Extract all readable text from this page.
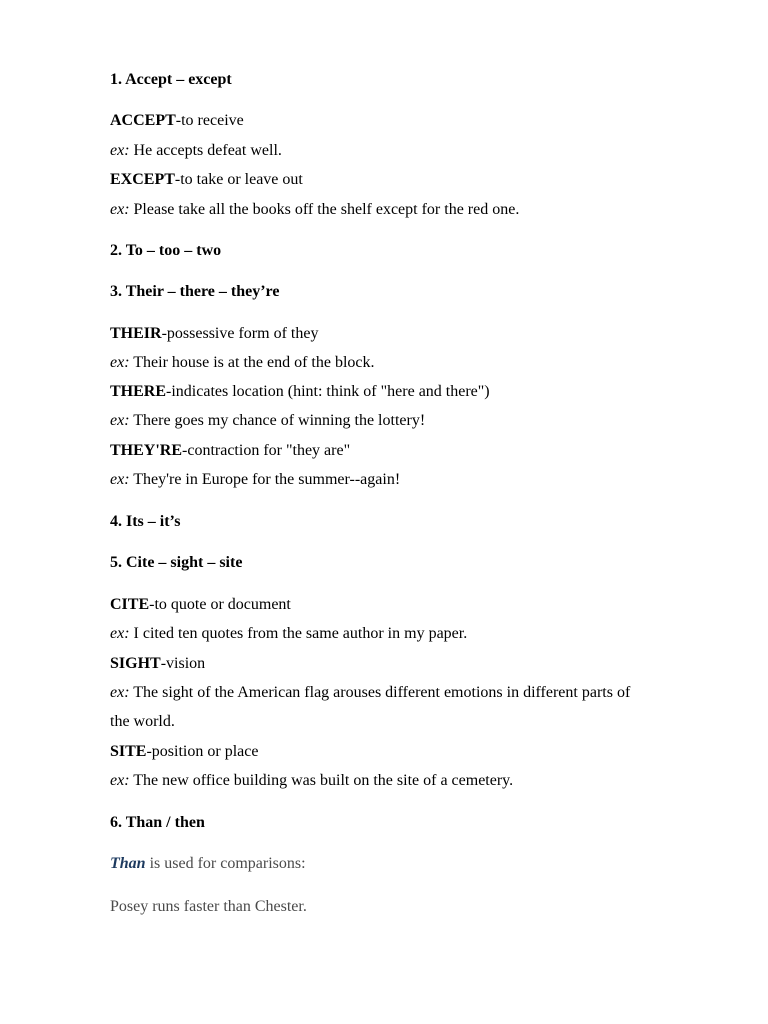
1. Accept – except
ACCEPT-to receive
ex: He accepts defeat well.
EXCEPT-to take or leave out
ex: Please take all the books off the shelf except for the red one.
2. To – too – two
3. Their – there – they’re
THEIR-possessive form of they
ex: Their house is at the end of the block.
THERE-indicates location (hint: think of "here and there")
ex: There goes my chance of winning the lottery!
THEY'RE-contraction for "they are"
ex: They're in Europe for the summer--again!
4. Its – it’s
5. Cite – sight – site
CITE-to quote or document
ex: I cited ten quotes from the same author in my paper.
SIGHT-vision
ex: The sight of the American flag arouses different emotions in different parts of
the world.
SITE-position or place
ex: The new office building was built on the site of a cemetery.
6. Than / then
Than is used for comparisons:
Posey runs faster than Chester.
